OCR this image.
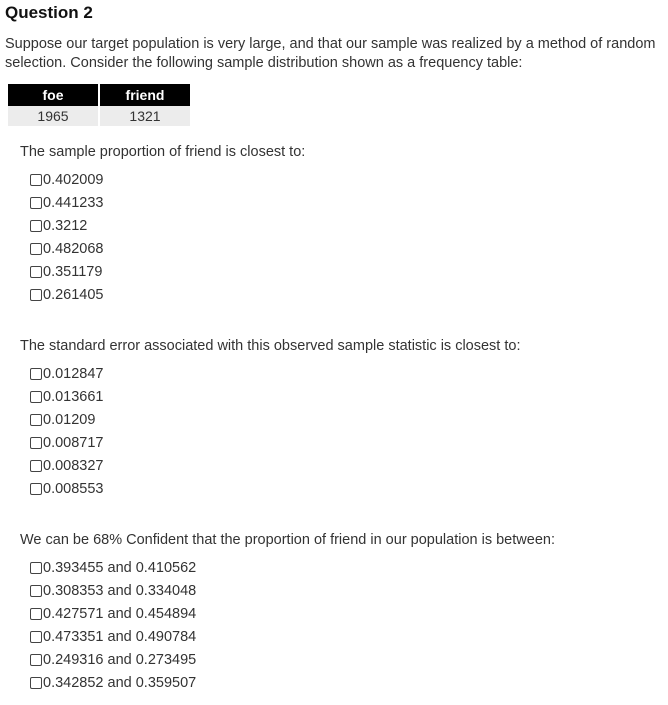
Question 2
Suppose our target population is very large, and that our sample was realized by a method of random selection. Consider the following sample distribution shown as a frequency table:
foe	friend
1965	1321
The sample proportion of friend is closest to:
0.402009
0.441233
0.3212
0.482068
0.351179
0.261405
The standard error associated with this observed sample statistic is closest to:
0.012847
0.013661
0.01209
0.008717
0.008327
0.008553
We can be 68% Confident that the proportion of friend in our population is between:
0.393455 and 0.410562
0.308353 and 0.334048
0.427571 and 0.454894
0.473351 and 0.490784
0.249316 and 0.273495
0.342852 and 0.359507
